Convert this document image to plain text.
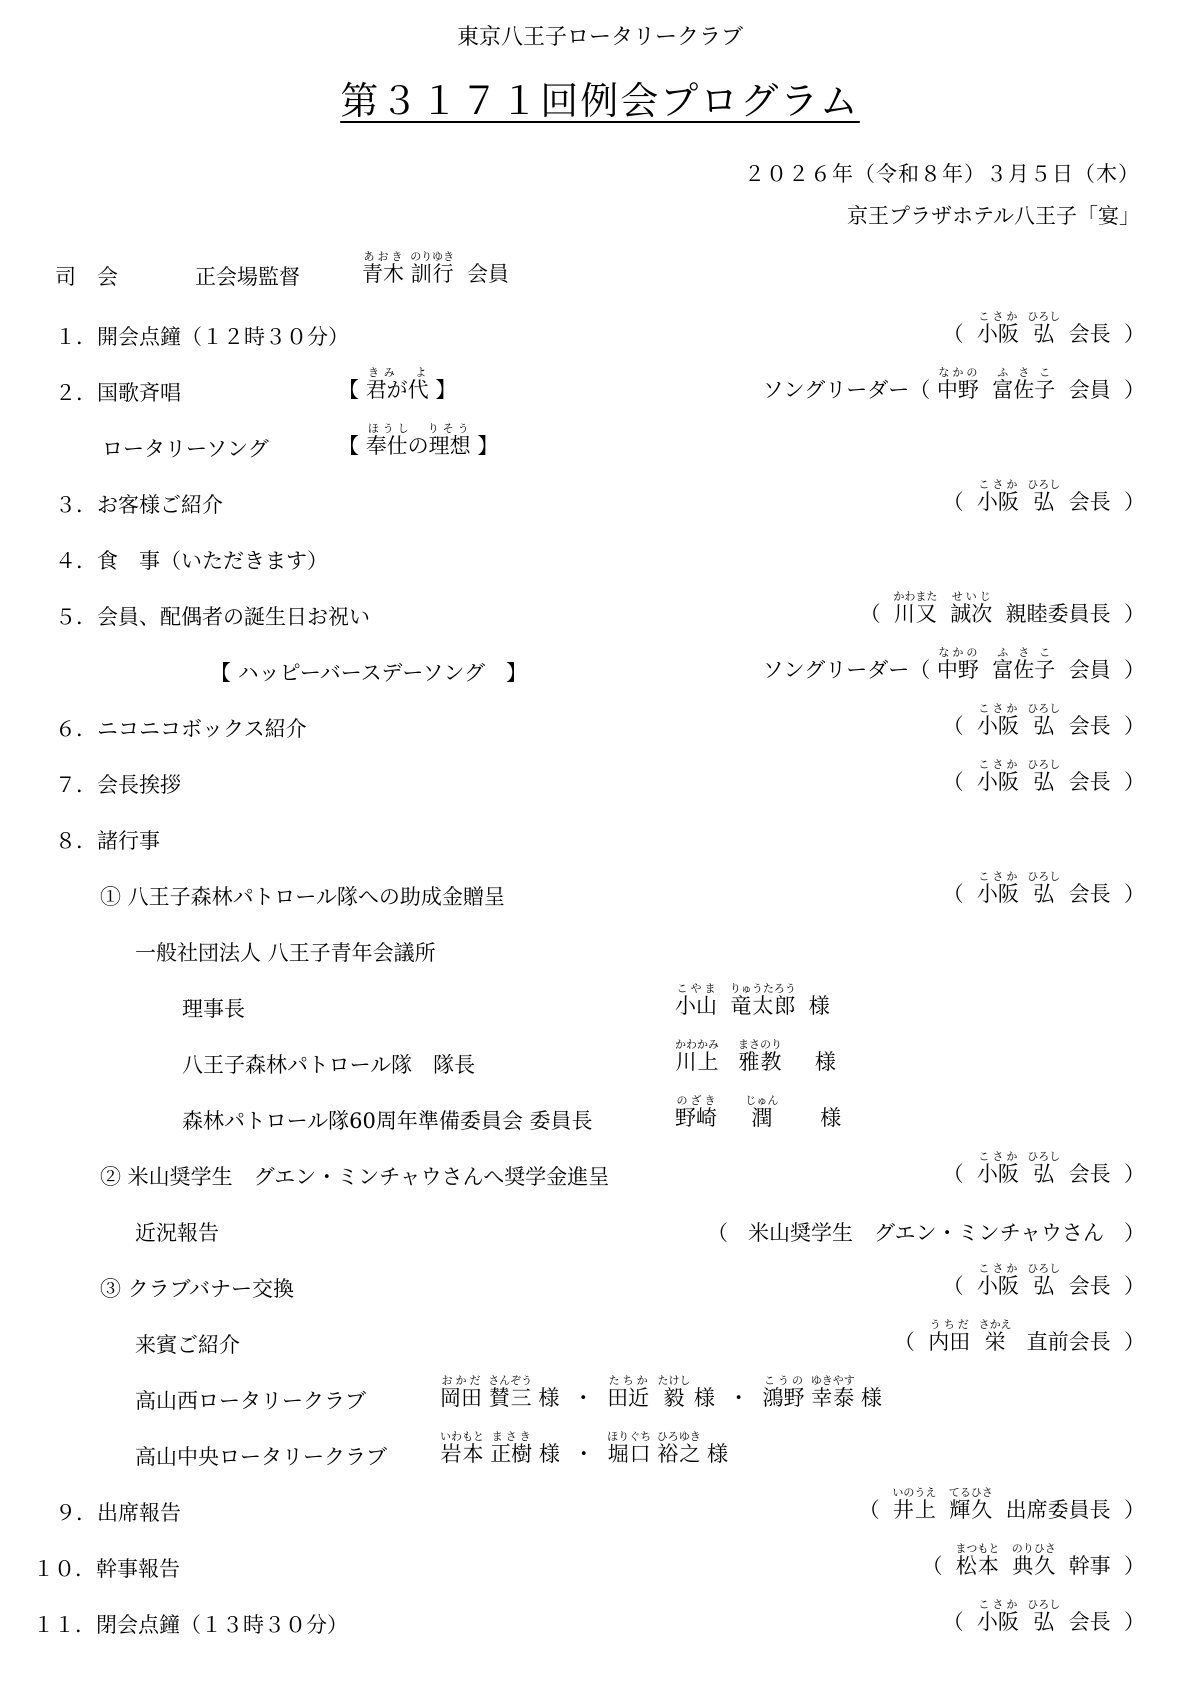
東京八王子ロータリークラブ
第３１７１回例会プログラム
２０２６年（令和８年）３月５日（木）
京王プラザホテル八王子「宴」
司　会	正会場監督	青木あおき 訓行のりゆき  会員
１．開会点鐘（１２時３０分）	（ 小阪こさか  弘ひろし  会長 ）
２．国歌斉唱	【 君が代きみ　 よ 】	ソングリーダー（ 中野なかの  富佐子ふさこ  会員 ）
ロータリーソング	【 奉仕の理想ほうし　 りそう 】
３．お客様ご紹介	（ 小阪こさか  弘ひろし  会長 ）
４．食　事（いただきます）
５．会員、配偶者の誕生日お祝い	（ 川又かわまた  誠次せいじ  親睦委員長 ）
【 ハッピーバースデーソング　】	ソングリーダー（ 中野なかの  富佐子ふさこ  会員 ）
６．ニコニコボックス紹介	（ 小阪こさか  弘ひろし  会長 ）
７．会長挨拶	（ 小阪こさか  弘ひろし  会長 ）
８．諸行事
① 八王子森林パトロール隊への助成金贈呈	（ 小阪こさか  弘ひろし  会長 ）
一般社団法人 八王子青年会議所
理事長	小山こやま  竜太郎りゅうたろう  様
八王子森林パトロール隊　隊長	川上かわかみ   雅教まさのり     様
森林パトロール隊60周年準備委員会 委員長	野崎のざき     潤じゅん       様
② 米山奨学生　グエン・ミンチャウさんへ奨学金進呈	（ 小阪こさか  弘ひろし  会長 ）
近況報告	（ 米山奨学生　グエン・ミンチャウさん ）
③ クラブバナー交換	（ 小阪こさか  弘ひろし  会長 ）
来賓ご紹介	（ 内田うちだ  栄さかえ   直前会長 ）
高山西ロータリークラブ	岡田おかだ 賛三さんぞう 様 ・ 田近たちか  毅たけし 様 ・ 鴻野こうの 幸泰ゆきやす 様
高山中央ロータリークラブ	岩本いわもと 正樹まさき 様 ・ 堀口ほりぐち 裕之ひろゆき 様
９．出席報告	（ 井上いのうえ  輝久てるひさ  出席委員長 ）
１０．幹事報告	（ 松本まつもと  典久のりひさ  幹事 ）
１１．閉会点鐘（１３時３０分）	（ 小阪こさか  弘ひろし  会長 ）
